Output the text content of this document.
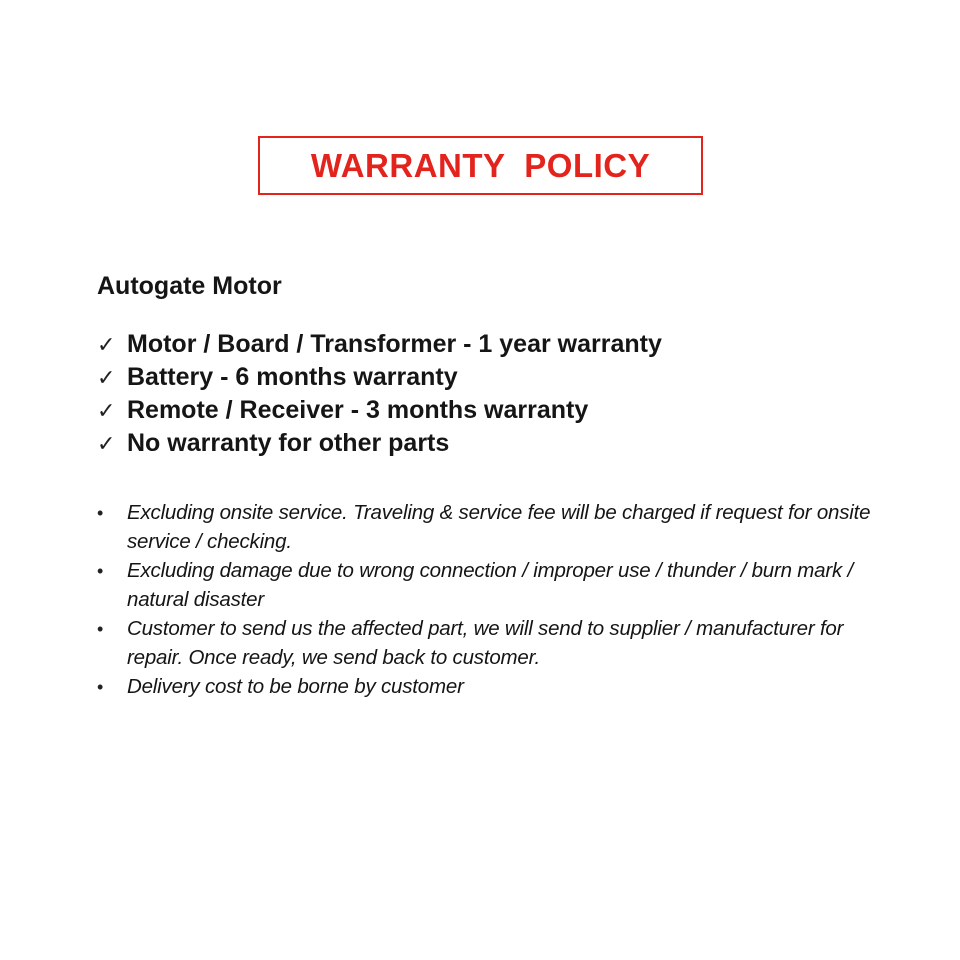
WARRANTY  POLICY
Autogate Motor
✓ Motor / Board / Transformer - 1 year warranty
✓ Battery - 6 months warranty
✓ Remote / Receiver - 3 months warranty
✓ No warranty for other parts
•	Excluding onsite service. Traveling & service fee will be charged if request for onsite service / checking.
•	Excluding damage due to wrong connection / improper use / thunder / burn mark / natural disaster
•	Customer to send us the affected part, we will send to supplier / manufacturer for repair. Once ready, we send back to customer.
•	Delivery cost to be borne by customer
